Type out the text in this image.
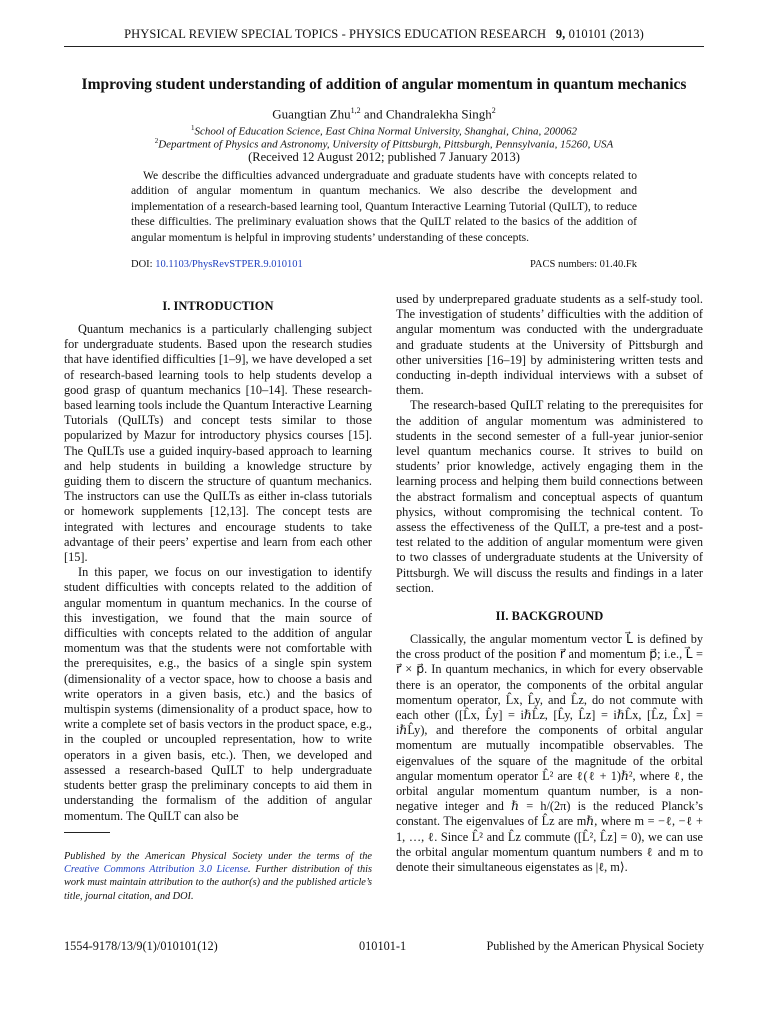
PHYSICAL REVIEW SPECIAL TOPICS - PHYSICS EDUCATION RESEARCH 9, 010101 (2013)
Improving student understanding of addition of angular momentum in quantum mechanics
Guangtian Zhu$^{1,2}$ and Chandralekha Singh$^2$
$^1$School of Education Science, East China Normal University, Shanghai, China, 200062
$^2$Department of Physics and Astronomy, University of Pittsburgh, Pittsburgh, Pennsylvania, 15260, USA
(Received 12 August 2012; published 7 January 2013)

We describe the difficulties advanced undergraduate and graduate students have with concepts related to addition of angular momentum in quantum mechanics. We also describe the development and implementation of a research-based learning tool, Quantum Interactive Learning Tutorial (QuILT), to reduce these difficulties. The preliminary evaluation shows that the QuILT related to the basics of the addition of angular momentum is helpful in improving students’ understanding of these concepts.

DOI: 10.1103/PhysRevSTPER.9.010101	PACS numbers: 01.40.Fk
I. INTRODUCTION

Quantum mechanics is a particularly challenging subject for undergraduate students. Based upon the research studies that have identified difficulties [1–9], we have developed a set of research-based learning tools to help students develop a good grasp of quantum mechanics [10–14]. These research-based learning tools include the Quantum Interactive Learning Tutorials (QuILTs) and concept tests similar to those popularized by Mazur for introductory physics courses [15]. The QuILTs use a guided inquiry-based approach to learning and help students in building a knowledge structure by guiding them to discern the structure of quantum mechanics. The instructors can use the QuILTs as either in-class tutorials or homework supplements [12,13]. The concept tests are integrated with lectures and encourage students to take advantage of their peers’ expertise and learn from each other [15].

In this paper, we focus on our investigation to identify student difficulties with concepts related to the addition of angular momentum in quantum mechanics. In the course of this investigation, we found that the main source of difficulties with concepts related to the addition of angular momentum was that the students were not comfortable with the prerequisites, e.g., the basics of a single spin system (dimensionality of a vector space, how to choose a basis and write operators in a given basis, etc.) and the basics of multispin systems (dimensionality of a product space, how to write a complete set of basis vectors in the product space, e.g., in the coupled or uncoupled representation, how to write operators in a given basis, etc.). Then, we developed and assessed a research-based QuILT to help undergraduate students better grasp the preliminary concepts to aid them in understanding the formalism of the addition of angular momentum. The QuILT can also be

used by underprepared graduate students as a self-study tool. The investigation of students’ difficulties with the addition of angular momentum was conducted with the undergraduate and graduate students at the University of Pittsburgh and other universities [16–19] by administering written tests and conducting in-depth individual interviews with a subset of them.

The research-based QuILT relating to the prerequisites for the addition of angular momentum was administered to students in the second semester of a full-year junior-senior level quantum mechanics course. It strives to build on students’ prior knowledge, actively engaging them in the learning process and helping them build connections between the abstract formalism and conceptual aspects of quantum physics, without compromising the technical content. To assess the effectiveness of the QuILT, a pre-test and a post-test related to the addition of angular momentum were given to two classes of undergraduate students at the University of Pittsburgh. We will discuss the results and findings in a later section.

II. BACKGROUND

Classically, the angular momentum vector L⃗ is defined by the cross product of the position r⃗ and momentum p⃗; i.e., L⃗ = r⃗ × p⃗. In quantum mechanics, in which for every observable there is an operator, the components of the orbital angular momentum operator, L̂x, L̂y, and L̂z, do not commute with each other ([L̂x, L̂y] = iℏL̂z, [L̂y, L̂z] = iℏL̂x, [L̂z, L̂x] = iℏL̂y), and therefore the components of orbital angular momentum are mutually incompatible observables. The eigenvalues of the square of the magnitude of the orbital angular momentum operator L̂² are ℓ(ℓ + 1)ℏ², where ℓ, the orbital angular momentum quantum number, is a non-negative integer and ℏ = h/(2π) is the reduced Planck’s constant. The eigenvalues of L̂z are mℏ, where m = −ℓ, −ℓ + 1, …, ℓ. Since L̂² and L̂z commute ([L̂², L̂z] = 0), we can use the orbital angular momentum quantum numbers ℓ and m to denote their simultaneous eigenstates as |ℓ, m⟩.

Published by the American Physical Society under the terms of the Creative Commons Attribution 3.0 License. Further distribution of this work must maintain attribution to the author(s) and the published article’s title, journal citation, and DOI.
1554-9178/13/9(1)/010101(12)	010101-1	Published by the American Physical Society
